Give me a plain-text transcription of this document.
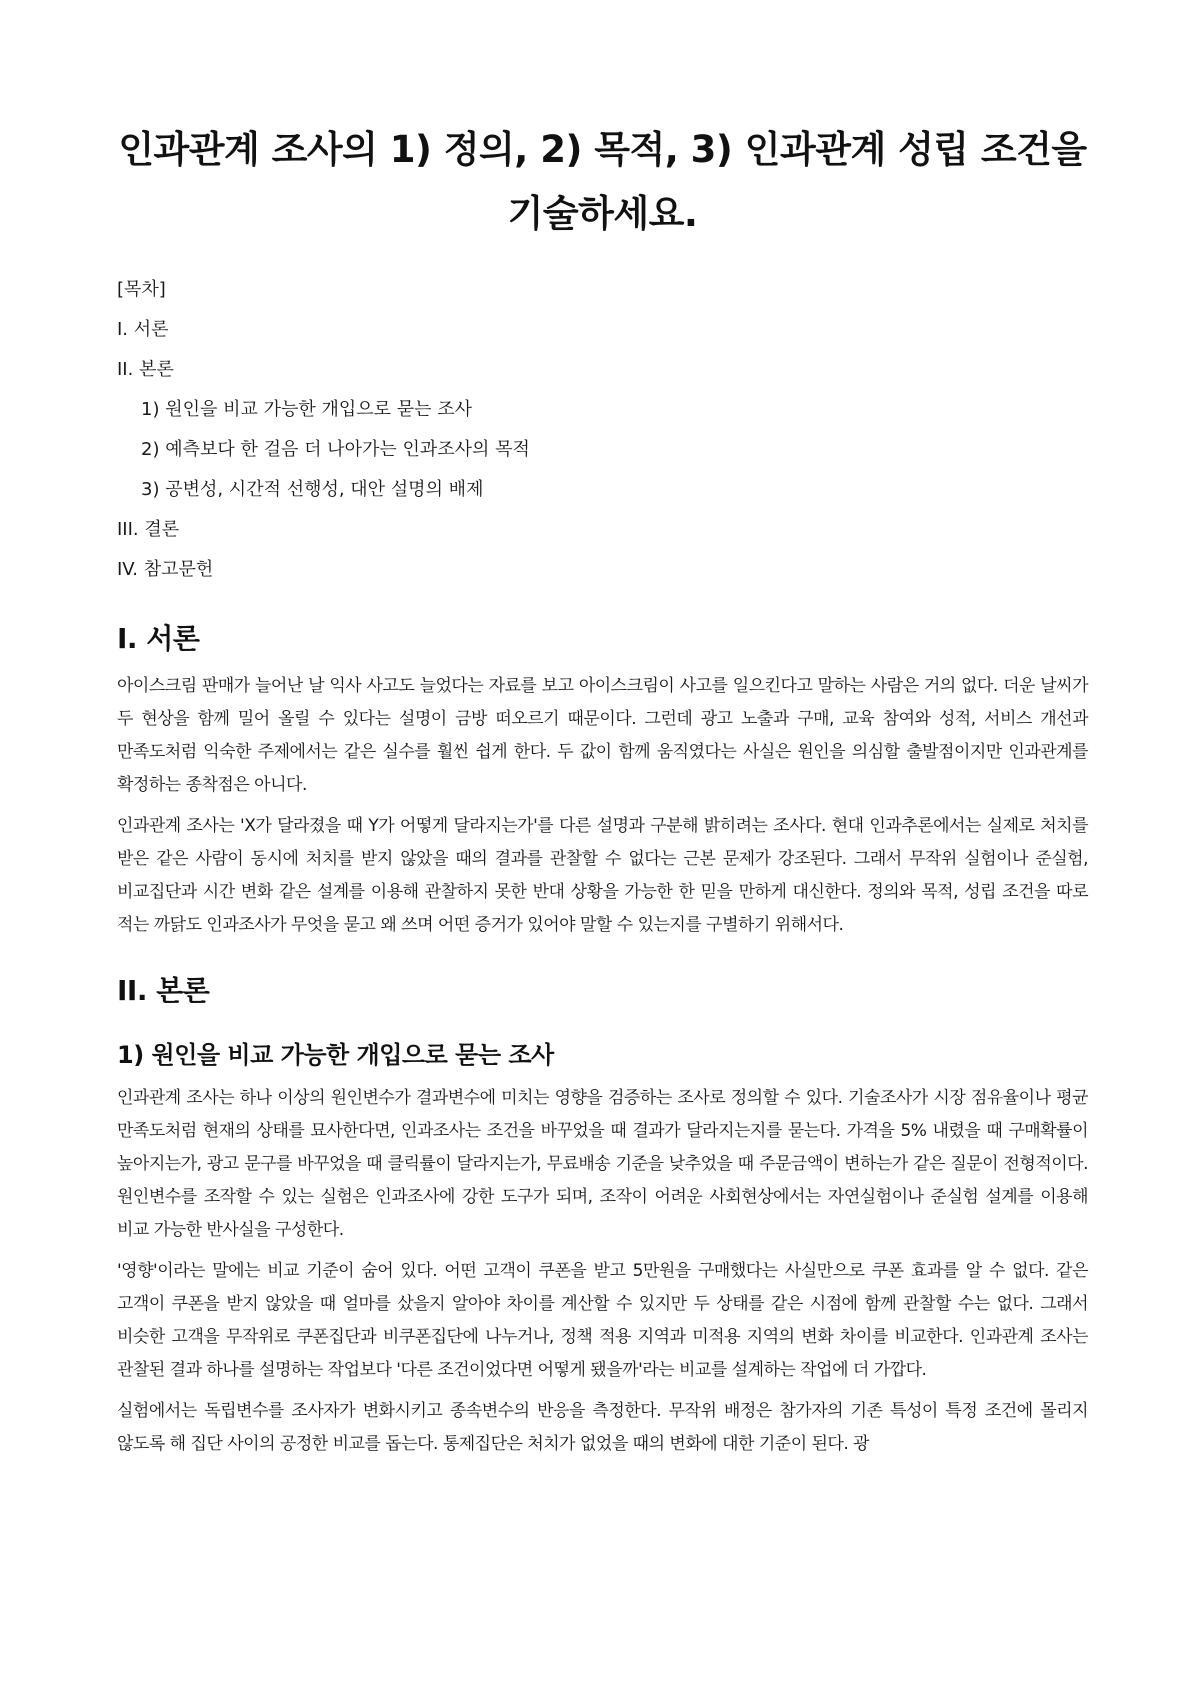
인과관계 조사의 1) 정의, 2) 목적, 3) 인과관계 성립 조건을 기술하세요.
[목차]
I. 서론
II. 본론
1) 원인을 비교 가능한 개입으로 묻는 조사
2) 예측보다 한 걸음 더 나아가는 인과조사의 목적
3) 공변성, 시간적 선행성, 대안 설명의 배제
III. 결론
IV. 참고문헌
I. 서론

아이스크림 판매가 늘어난 날 익사 사고도 늘었다는 자료를 보고 아이스크림이 사고를 일으킨다고 말하는 사람은 거의 없다. 더운 날씨가 두 현상을 함께 밀어 올릴 수 있다는 설명이 금방 떠오르기 때문이다. 그런데 광고 노출과 구매, 교육 참여와 성적, 서비스 개선과 만족도처럼 익숙한 주제에서는 같은 실수를 훨씬 쉽게 한다. 두 값이 함께 움직였다는 사실은 원인을 의심할 출발점이지만 인과관계를 확정하는 종착점은 아니다.

인과관계 조사는 'X가 달라졌을 때 Y가 어떻게 달라지는가'를 다른 설명과 구분해 밝히려는 조사다. 현대 인과추론에서는 실제로 처치를 받은 같은 사람이 동시에 처치를 받지 않았을 때의 결과를 관찰할 수 없다는 근본 문제가 강조된다. 그래서 무작위 실험이나 준실험, 비교집단과 시간 변화 같은 설계를 이용해 관찰하지 못한 반대 상황을 가능한 한 믿을 만하게 대신한다. 정의와 목적, 성립 조건을 따로 적는 까닭도 인과조사가 무엇을 묻고 왜 쓰며 어떤 증거가 있어야 말할 수 있는지를 구별하기 위해서다.

II. 본론
1) 원인을 비교 가능한 개입으로 묻는 조사

인과관계 조사는 하나 이상의 원인변수가 결과변수에 미치는 영향을 검증하는 조사로 정의할 수 있다. 기술조사가 시장 점유율이나 평균 만족도처럼 현재의 상태를 묘사한다면, 인과조사는 조건을 바꾸었을 때 결과가 달라지는지를 묻는다. 가격을 5% 내렸을 때 구매확률이 높아지는가, 광고 문구를 바꾸었을 때 클릭률이 달라지는가, 무료배송 기준을 낮추었을 때 주문금액이 변하는가 같은 질문이 전형적이다. 원인변수를 조작할 수 있는 실험은 인과조사에 강한 도구가 되며, 조작이 어려운 사회현상에서는 자연실험이나 준실험 설계를 이용해 비교 가능한 반사실을 구성한다.

'영향'이라는 말에는 비교 기준이 숨어 있다. 어떤 고객이 쿠폰을 받고 5만원을 구매했다는 사실만으로 쿠폰 효과를 알 수 없다. 같은 고객이 쿠폰을 받지 않았을 때 얼마를 샀을지 알아야 차이를 계산할 수 있지만 두 상태를 같은 시점에 함께 관찰할 수는 없다. 그래서 비슷한 고객을 무작위로 쿠폰집단과 비쿠폰집단에 나누거나, 정책 적용 지역과 미적용 지역의 변화 차이를 비교한다. 인과관계 조사는 관찰된 결과 하나를 설명하는 작업보다 '다른 조건이었다면 어떻게 됐을까'라는 비교를 설계하는 작업에 더 가깝다.

실험에서는 독립변수를 조사자가 변화시키고 종속변수의 반응을 측정한다. 무작위 배정은 참가자의 기존 특성이 특정 조건에 몰리지 않도록 해 집단 사이의 공정한 비교를 돕는다. 통제집단은 처치가 없었을 때의 변화에 대한 기준이 된다. 광
